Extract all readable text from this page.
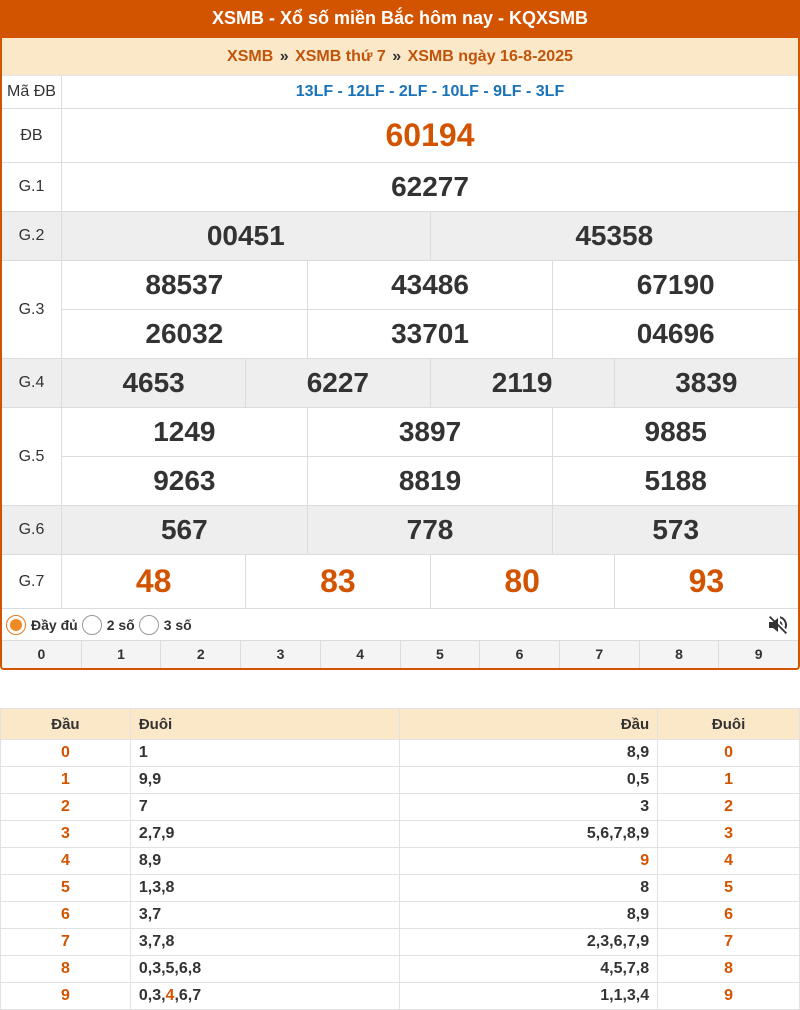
XSMB - Xổ số miền Bắc hôm nay - KQXSMB
XSMB » XSMB thứ 7 » XSMB ngày 16-8-2025
Mã ĐB	13LF - 12LF - 2LF - 10LF - 9LF - 3LF
ĐB	60194
G.1	62277
G.2	00451	45358
G.3
88537	43486	67190
26032	33701	04696
G.4	4653	6227	2119	3839
G.5
1249	3897	9885
9263	8819	5188
G.6	567	778	573
G.7	48	83	80	93
Đầy đủ 2 số 3 số
0	1	2	3	4	5	6	7	8	9
Đầu	Đuôi	Đầu	Đuôi
0	1	8,9	0
1	9,9	0,5	1
2	7	3	2
3	2,7,9	5,6,7,8,9	3
4	8,9	9	4
5	1,3,8	8	5
6	3,7	8,9	6
7	3,7,8	2,3,6,7,9	7
8	0,3,5,6,8	4,5,7,8	8
9	0,3,4,6,7	1,1,3,4	9
